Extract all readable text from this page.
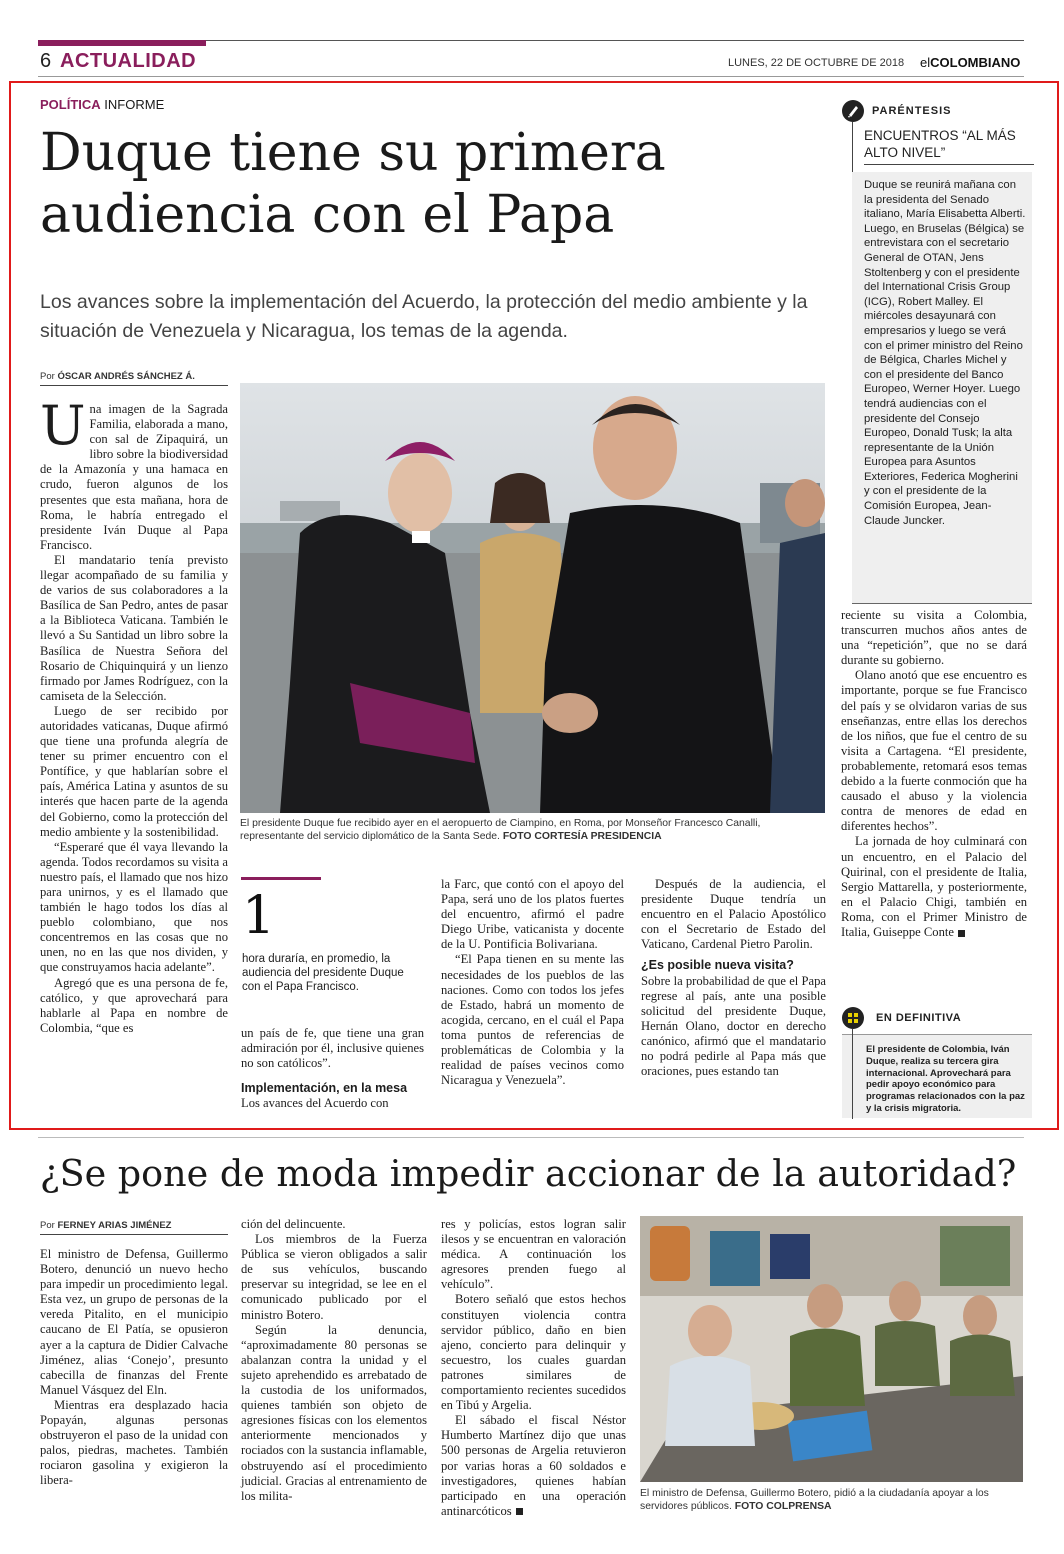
6 ACTUALIDAD	LUNES, 22 DE OCTUBRE DE 2018 elCOLOMBIANO
POLÍTICA INFORME
Duque tiene su primera audiencia con el Papa
Los avances sobre la implementación del Acuerdo, la protección del medio ambiente y la situación de Venezuela y Nicaragua, los temas de la agenda.
Por ÓSCAR ANDRÉS SÁNCHEZ Á.

Una imagen de la Sagrada Familia, elaborada a mano, con sal de Zipaquirá, un libro sobre la biodiversidad de la Amazonía y una hamaca en crudo, fueron algunos de los presentes que esta mañana, hora de Roma, le habría entregado el presidente Iván Duque al Papa Francisco.

El mandatario tenía previsto llegar acompañado de su familia y de varios de sus colaboradores a la Basílica de San Pedro, antes de pasar a la Biblioteca Vaticana. También le llevó a Su Santidad un libro sobre la Basílica de Nuestra Señora del Rosario de Chiquinquirá y un lienzo firmado por James Rodríguez, con la camiseta de la Selección.

Luego de ser recibido por autoridades vaticanas, Duque afirmó que tiene una profunda alegría de tener su primer encuentro con el Pontífice, y que hablarían sobre el país, América Latina y asuntos de su interés que hacen parte de la agenda del Gobierno, como la protección del medio ambiente y la sostenibilidad.

“Esperaré que él vaya llevando la agenda. Todos recordamos su visita a nuestro país, el llamado que nos hizo para unirnos, y es el llamado que también le hago todos los días al pueblo colombiano, que nos concentremos en las cosas que no unen, no en las que nos dividen, y que construyamos hacia adelante”.

Agregó que es una persona de fe, católico, y que aprovechará para hablarle al Papa en nombre de Colombia, “que es

El presidente Duque fue recibido ayer en el aeropuerto de Ciampino, en Roma, por Monseñor Francesco Canalli, representante del servicio diplomático de la Santa Sede. FOTO CORTESÍA PRESIDENCIA
1
hora duraría, en promedio, la audiencia del presidente Duque con el Papa Francisco.

un país de fe, que tiene una gran admiración por él, inclusive quienes no son católicos”.

Implementación, en la mesa

Los avances del Acuerdo con

la Farc, que contó con el apoyo del Papa, será uno de los platos fuertes del encuentro, afirmó el padre Diego Uribe, vaticanista y docente de la U. Pontificia Bolivariana.

“El Papa tienen en su mente las necesidades de los pueblos de las naciones. Como con todos los jefes de Estado, habrá un momento de acogida, cercano, en el cuál el Papa toma puntos de referencias de problemáticas de Colombia y la realidad de países vecinos como Nicaragua y Venezuela”.

Después de la audiencia, el presidente Duque tendría un encuentro en el Palacio Apostólico con el Secretario de Estado del Vaticano, Cardenal Pietro Parolin.

¿Es posible nueva visita?

Sobre la probabilidad de que el Papa regrese al país, ante una posible solicitud del presidente Duque, Hernán Olano, doctor en derecho canónico, afirmó que el mandatario no podrá pedirle al Papa más que oraciones, pues estando tan

reciente su visita a Colombia, transcurren muchos años antes de una “repetición”, que no se dará durante su gobierno.

Olano anotó que ese encuentro es importante, porque se fue Francisco del país y se olvidaron varias de sus enseñanzas, entre ellas los derechos de los niños, que fue el centro de su visita a Cartagena. “El presidente, probablemente, retomará esos temas debido a la fuerte conmoción que ha causado el abuso y la violencia contra de menores de edad en diferentes hechos”.

La jornada de hoy culminará con un encuentro, en el Palacio del Quirinal, con el presidente de Italia, Sergio Mattarella, y posteriormente, en el Palacio Chigi, también en Roma, con el Primer Ministro de Italia, Guiseppe Conte

PARÉNTESIS
ENCUENTROS “AL MÁS ALTO NIVEL”
Duque se reunirá mañana con la presidenta del Senado italiano, María Elisabetta Alberti. Luego, en Bruselas (Bélgica) se entrevistara con el secretario General de OTAN, Jens Stoltenberg y con el presidente del International Crisis Group (ICG), Robert Malley. El miércoles desayunará con empresarios y luego se verá con el primer ministro del Reino de Bélgica, Charles Michel y con el presidente del Banco Europeo, Werner Hoyer. Luego tendrá audiencias con el presidente del Consejo Europeo, Donald Tusk; la alta representante de la Unión Europea para Asuntos Exteriores, Federica Mogherini y con el presidente de la Comisión Europea, Jean-Claude Juncker.
EN DEFINITIVA
El presidente de Colombia, Iván Duque, realiza su tercera gira internacional. Aprovechará para pedir apoyo económico para programas relacionados con la paz y la crisis migratoria.
¿Se pone de moda impedir accionar de la autoridad?
Por FERNEY ARIAS JIMÉNEZ

El ministro de Defensa, Guillermo Botero, denunció un nuevo hecho para impedir un procedimiento legal. Esta vez, un grupo de personas de la vereda Pitalito, en el municipio caucano de El Patía, se opusieron ayer a la captura de Didier Calvache Jiménez, alias ‘Conejo’, presunto cabecilla de finanzas del Frente Manuel Vásquez del Eln.

Mientras era desplazado hacia Popayán, algunas personas obstruyeron el paso de la unidad con palos, piedras, machetes. También rociaron gasolina y exigieron la libera-

ción del delincuente.

Los miembros de la Fuerza Pública se vieron obligados a salir de sus vehículos, buscando preservar su integridad, se lee en el comunicado publicado por el ministro Botero.

Según la denuncia, “aproximadamente 80 personas se abalanzan contra la unidad y el sujeto aprehendido es arrebatado de la custodia de los uniformados, quienes también son objeto de agresiones físicas con los elementos anteriormente mencionados y rociados con la sustancia inflamable, obstruyendo así el procedimiento judicial. Gracias al entrenamiento de los milita-

res y policías, estos logran salir ilesos y se encuentran en valoración médica. A continuación los agresores prenden fuego al vehículo”.

Botero señaló que estos hechos constituyen violencia contra servidor público, daño en bien ajeno, concierto para delinquir y secuestro, los cuales guardan patrones similares de comportamiento recientes sucedidos en Tibú y Argelia.

El sábado el fiscal Néstor Humberto Martínez dijo que unas 500 personas de Argelia retuvieron por varias horas a 60 soldados e investigadores, quienes habían participado en una operación antinarcóticos

El ministro de Defensa, Guillermo Botero, pidió a la ciudadanía apoyar a los servidores públicos. FOTO COLPRENSA
